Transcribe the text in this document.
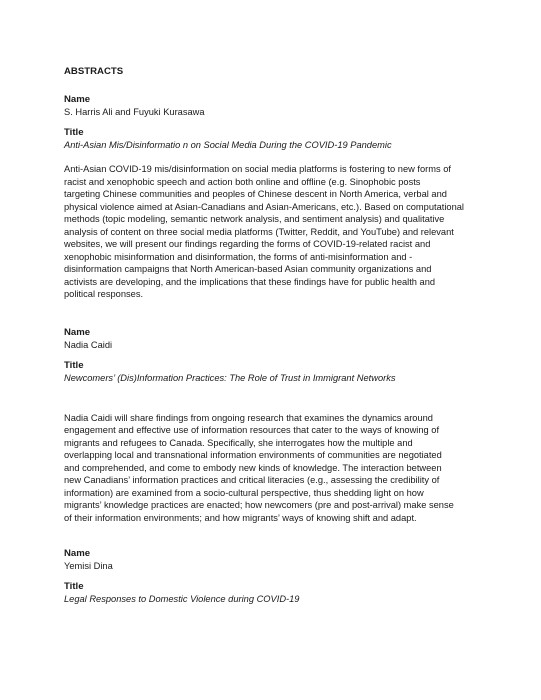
ABSTRACTS

Name

S. Harris Ali and Fuyuki Kurasawa

Title

Anti-Asian Mis/Disinformatio n on Social Media During the COVID-19 Pandemic

Anti-Asian COVID-19 mis/disinformation on social media platforms is fostering to new forms of
racist and xenophobic speech and action both online and offline (e.g. Sinophobic posts
targeting Chinese communities and peoples of Chinese descent in North America, verbal and
physical violence aimed at Asian-Canadians and Asian-Americans, etc.). Based on computational
methods (topic modeling, semantic network analysis, and sentiment analysis) and qualitative
analysis of content on three social media platforms (Twitter, Reddit, and YouTube) and relevant
websites, we will present our findings regarding the forms of COVID-19-related racist and
xenophobic misinformation and disinformation, the forms of anti-misinformation and -
disinformation campaigns that North American-based Asian community organizations and
activists are developing, and the implications that these findings have for public health and
political responses.

Name

Nadia Caidi

Title

Newcomers’ (Dis)Information Practices: The Role of Trust in Immigrant Networks

Nadia Caidi will share findings from ongoing research that examines the dynamics around
engagement and effective use of information resources that cater to the ways of knowing of
migrants and refugees to Canada. Specifically, she interrogates how the multiple and
overlapping local and transnational information environments of communities are negotiated
and comprehended, and come to embody new kinds of knowledge. The interaction between
new Canadians’ information practices and critical literacies (e.g., assessing the credibility of
information) are examined from a socio-cultural perspective, thus shedding light on how
migrants’ knowledge practices are enacted; how newcomers (pre and post-arrival) make sense
of their information environments; and how migrants’ ways of knowing shift and adapt.

Name

Yemisi Dina

Title

Legal Responses to Domestic Violence during COVID-19
